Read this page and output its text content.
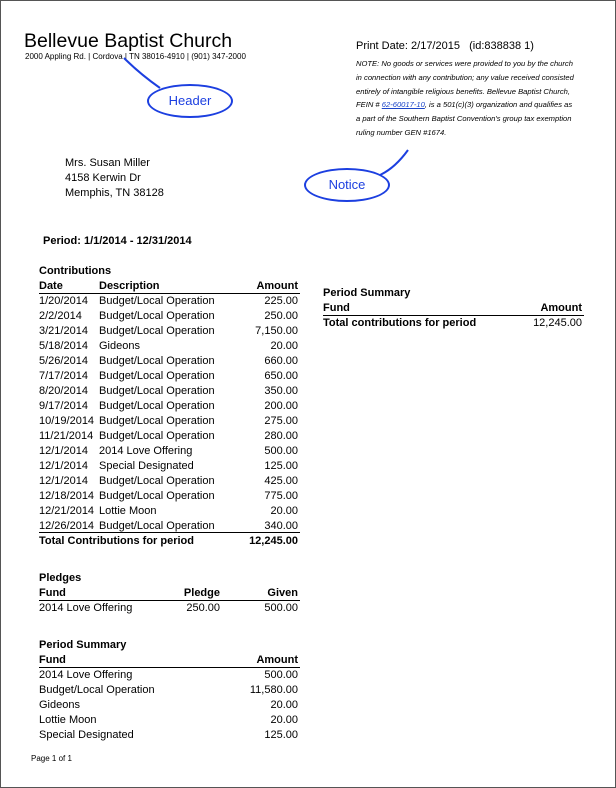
Bellevue Baptist Church
2000 Appling Rd. | Cordova | TN 38016-4910 | (901) 347-2000
Print Date: 2/17/2015 (id:838838 1)
NOTE: No goods or services were provided to you by the church in connection with any contribution; any value received consisted entirely of intangible religious benefits. Bellevue Baptist Church, FEIN # 62-60017-10, is a 501(c)(3) organization and qualifies as a part of the Southern Baptist Convention's group tax exemption ruling number GEN #1674.
Header
Notice
Mrs. Susan Miller
4158 Kerwin Dr
Memphis, TN 38128
Period: 1/1/2014 - 12/31/2014
Contributions
Date	Description	Amount
1/20/2014 Budget/Local Operation	225.00
2/2/2014 Budget/Local Operation	250.00
3/21/2014 Budget/Local Operation	7,150.00
5/18/2014 Gideons	20.00
5/26/2014 Budget/Local Operation	660.00
7/17/2014 Budget/Local Operation	650.00
8/20/2014 Budget/Local Operation	350.00
9/17/2014 Budget/Local Operation	200.00
10/19/2014 Budget/Local Operation	275.00
11/21/2014 Budget/Local Operation	280.00
12/1/2014 2014 Love Offering	500.00
12/1/2014 Special Designated	125.00
12/1/2014 Budget/Local Operation	425.00
12/18/2014 Budget/Local Operation	775.00
12/21/2014 Lottie Moon	20.00
12/26/2014 Budget/Local Operation	340.00
Total Contributions for period	12,245.00
Pledges
Fund	Pledge	Given
2014 Love Offering	250.00	500.00
Period Summary
Fund	Amount
2014 Love Offering	500.00
Budget/Local Operation	11,580.00
Gideons	20.00
Lottie Moon	20.00
Special Designated	125.00
Period Summary
Fund	Amount
Total contributions for period	12,245.00
Page 1 of 1
